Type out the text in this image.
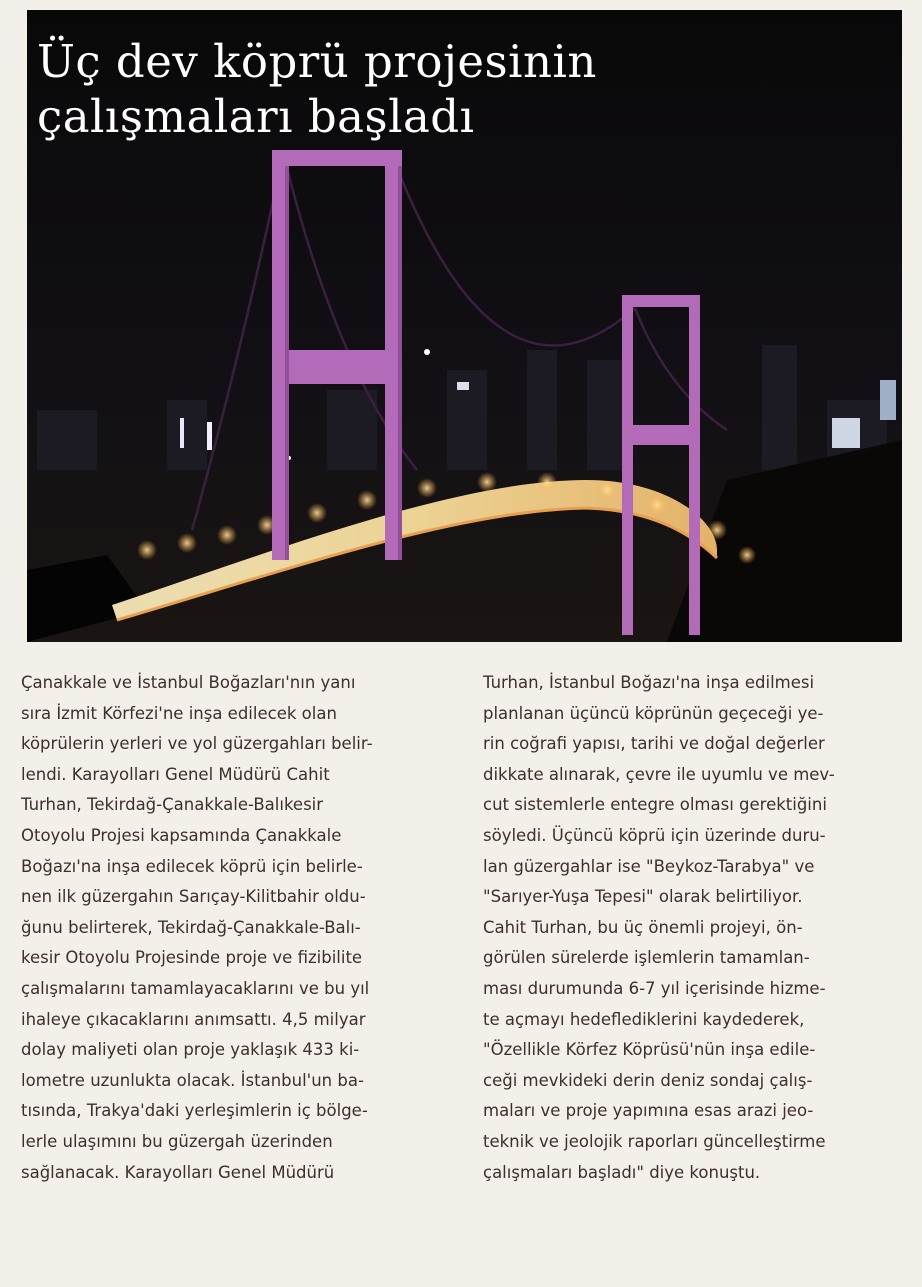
Üç dev köprü projesinin
çalışmaları başladı
Çanakkale ve İstanbul Boğazları'nın yanı
sıra İzmit Körfezi'ne inşa edilecek olan
köprülerin yerleri ve yol güzergahları belir-
lendi. Karayolları Genel Müdürü Cahit
Turhan, Tekirdağ-Çanakkale-Balıkesir
Otoyolu Projesi kapsamında Çanakkale
Boğazı'na inşa edilecek köprü için belirle-
nen ilk güzergahın Sarıçay-Kilitbahir oldu-
ğunu belirterek, Tekirdağ-Çanakkale-Balı-
kesir Otoyolu Projesinde proje ve fizibilite
çalışmalarını tamamlayacaklarını ve bu yıl
ihaleye çıkacaklarını anımsattı. 4,5 milyar
dolay maliyeti olan proje yaklaşık 433 ki-
lometre uzunlukta olacak. İstanbul'un ba-
tısında, Trakya'daki yerleşimlerin iç bölge-
lerle ulaşımını bu güzergah üzerinden
sağlanacak. Karayolları Genel Müdürü
Turhan, İstanbul Boğazı'na inşa edilmesi
planlanan üçüncü köprünün geçeceği ye-
rin coğrafi yapısı, tarihi ve doğal değerler
dikkate alınarak, çevre ile uyumlu ve mev-
cut sistemlerle entegre olması gerektiğini
söyledi. Üçüncü köprü için üzerinde duru-
lan güzergahlar ise "Beykoz-Tarabya" ve
"Sarıyer-Yuşa Tepesi" olarak belirtiliyor.
Cahit Turhan, bu üç önemli projeyi, ön-
görülen sürelerde işlemlerin tamamlan-
ması durumunda 6-7 yıl içerisinde hizme-
te açmayı hedeflediklerini kaydederek,
"Özellikle Körfez Köprüsü'nün inşa edile-
ceği mevkideki derin deniz sondaj çalış-
maları ve proje yapımına esas arazi jeo-
teknik ve jeolojik raporları güncelleştirme
çalışmaları başladı" diye konuştu.
